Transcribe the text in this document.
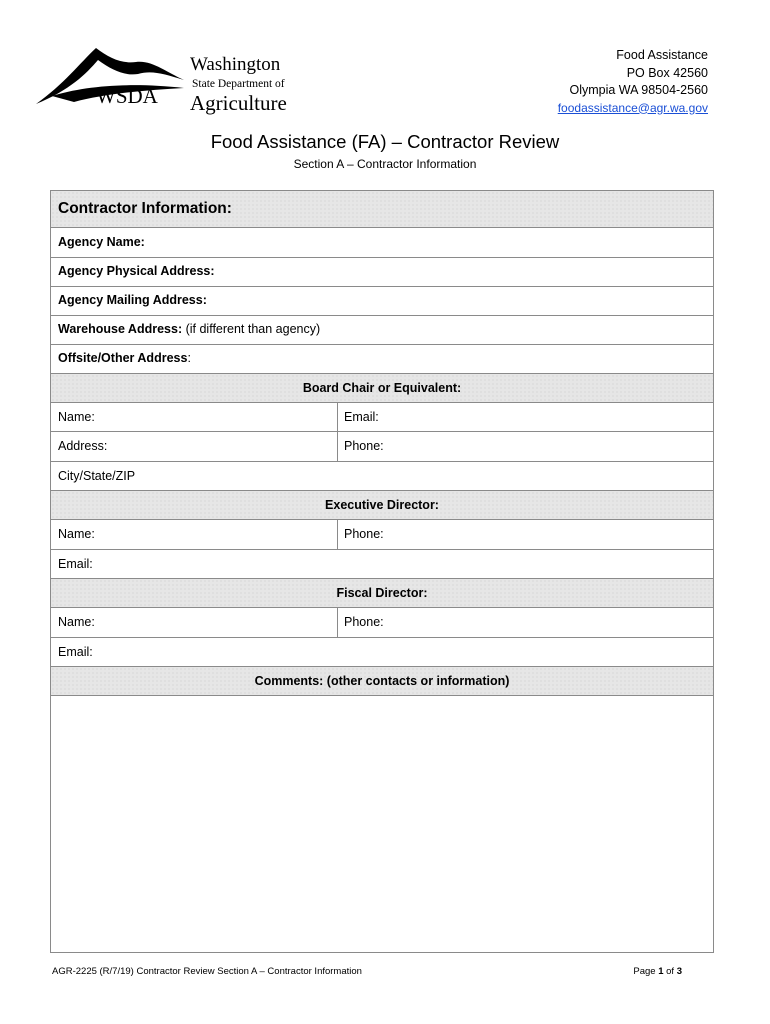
WSDA
Washington
State Department of
Agriculture
Food Assistance
PO Box 42560
Olympia WA 98504-2560
foodassistance@agr.wa.gov
Food Assistance (FA) – Contractor Review
Section A – Contractor Information
Contractor Information:
Agency Name:
Agency Physical Address:
Agency Mailing Address:
Warehouse Address: (if different than agency)
Offsite/Other Address:
Board Chair or Equivalent:
Name:	Email:
Address:	Phone:
City/State/ZIP
Executive Director:
Name:	Phone:
Email:
Fiscal Director:
Name:	Phone:
Email:
Comments: (other contacts or information)
AGR-2225 (R/7/19) Contractor Review Section A – Contractor Information	Page 1 of 3
